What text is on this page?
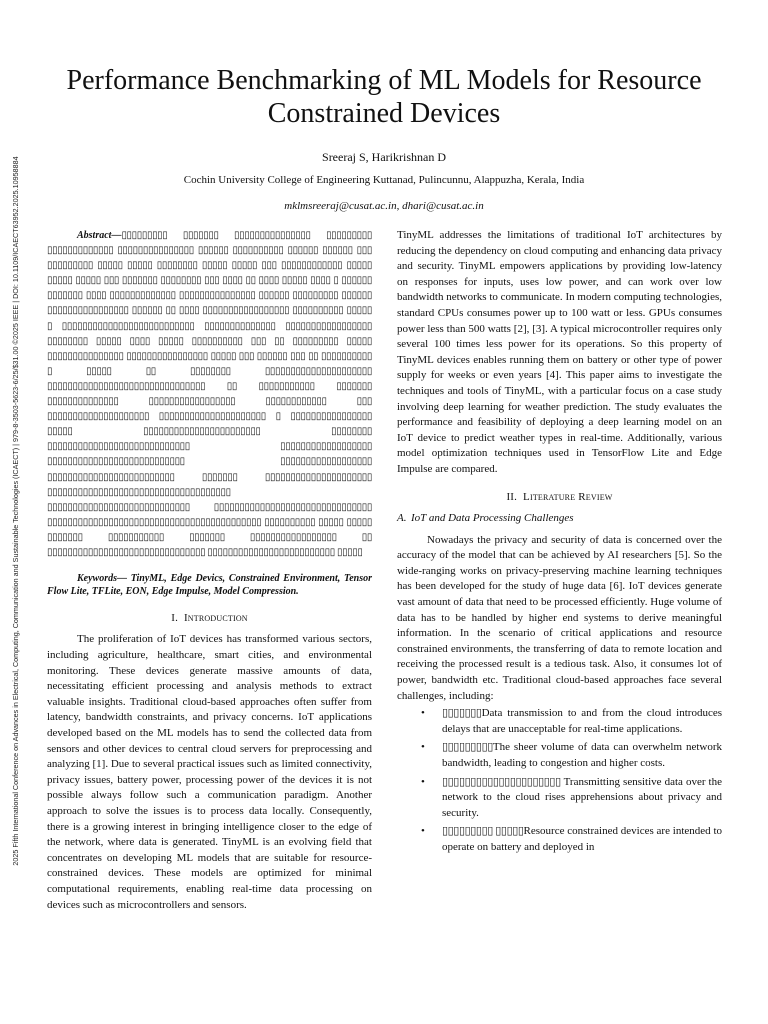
2025 Fifth International Conference on Advances in Electrical, Computing, Communication and Sustainable Technologies (ICAECT) | 979-8-3503-5623-6/25/$31.00 ©2025 IEEE | DOI: 10.1109/ICAECT63952.2025.10958884
Performance Benchmarking of ML Models for Resource Constrained Devices
Sreeraj S, Harikrishnan D
Cochin University College of Engineering Kuttanad, Pulincunnu, Alappuzha, Kerala, India
mklmsreeraj@cusat.ac.in, dhari@cusat.ac.in

Abstract—▯▯▯▯▯▯▯▯▯ ▯▯▯▯▯▯▯ ▯▯▯▯▯▯▯▯▯▯▯▯▯▯▯ ▯▯▯▯▯▯▯▯▯ ▯▯▯▯▯▯▯▯▯▯▯▯▯ ▯▯▯▯▯▯▯▯▯▯▯▯▯▯▯ ▯▯▯▯▯▯ ▯▯▯▯▯▯▯▯▯▯ ▯▯▯▯▯▯ ▯▯▯▯▯▯ ▯▯▯ ▯▯▯▯▯▯▯▯▯ ▯▯▯▯▯ ▯▯▯▯▯ ▯▯▯▯▯▯▯▯ ▯▯▯▯▯ ▯▯▯▯▯ ▯▯▯ ▯▯▯▯▯▯▯▯▯▯▯▯ ▯▯▯▯▯ ▯▯▯▯▯ ▯▯▯▯▯ ▯▯▯ ▯▯▯▯▯▯▯ ▯▯▯▯▯▯▯▯ ▯▯▯ ▯▯▯▯ ▯▯ ▯▯▯▯ ▯▯▯▯▯ ▯▯▯▯ ▯ ▯▯▯▯▯▯ ▯▯▯▯▯▯▯ ▯▯▯▯ ▯▯▯▯▯▯▯▯▯▯▯▯▯ ▯▯▯▯▯▯▯▯▯▯▯▯▯▯▯ ▯▯▯▯▯▯ ▯▯▯▯▯▯▯▯▯ ▯▯▯▯▯▯ ▯▯▯▯▯▯▯▯▯▯▯▯▯▯▯▯ ▯▯▯▯▯▯ ▯▯ ▯▯▯▯ ▯▯▯▯▯▯▯▯▯▯▯▯▯▯▯▯▯ ▯▯▯▯▯▯▯▯▯▯ ▯▯▯▯▯ ▯ ▯▯▯▯▯▯▯▯▯▯▯▯▯▯▯▯▯▯▯▯▯▯▯▯▯▯ ▯▯▯▯▯▯▯▯▯▯▯▯▯▯ ▯▯▯▯▯▯▯▯▯▯▯▯▯▯▯▯▯ ▯▯▯▯▯▯▯▯ ▯▯▯▯▯ ▯▯▯▯ ▯▯▯▯▯ ▯▯▯▯▯▯▯▯▯▯ ▯▯▯ ▯▯ ▯▯▯▯▯▯▯▯▯ ▯▯▯▯▯ ▯▯▯▯▯▯▯▯▯▯▯▯▯▯▯ ▯▯▯▯▯▯▯▯▯▯▯▯▯▯▯▯ ▯▯▯▯▯ ▯▯▯ ▯▯▯▯▯▯ ▯▯▯ ▯▯ ▯▯▯▯▯▯▯▯▯▯ ▯ ▯▯▯▯▯ ▯▯ ▯▯▯▯▯▯▯▯ ▯▯▯▯▯▯▯▯▯▯▯▯▯▯▯▯▯▯▯▯▯ ▯▯▯▯▯▯▯▯▯▯▯▯▯▯▯▯▯▯▯▯▯▯▯▯▯▯▯▯▯▯▯ ▯▯ ▯▯▯▯▯▯▯▯▯▯▯ ▯▯▯▯▯▯▯ ▯▯▯▯▯▯▯▯▯▯▯▯▯▯ ▯▯▯▯▯▯▯▯▯▯▯▯▯▯▯▯▯ ▯▯▯▯▯▯▯▯▯▯▯▯ ▯▯▯ ▯▯▯▯▯▯▯▯▯▯▯▯▯▯▯▯▯▯▯▯ ▯▯▯▯▯▯▯▯▯▯▯▯▯▯▯▯▯▯▯▯▯ ▯ ▯▯▯▯▯▯▯▯▯▯▯▯▯▯▯▯ ▯▯▯▯▯ ▯▯▯▯▯▯▯▯▯▯▯▯▯▯▯▯▯▯▯▯▯▯▯ ▯▯▯▯▯▯▯▯ ▯▯▯▯▯▯▯▯▯▯▯▯▯▯▯▯▯▯▯▯▯▯▯▯▯▯▯▯ ▯▯▯▯▯▯▯▯▯▯▯▯▯▯▯▯▯▯ ▯▯▯▯▯▯▯▯▯▯▯▯▯▯▯▯▯▯▯▯▯▯▯▯▯▯▯ ▯▯▯▯▯▯▯▯▯▯▯▯▯▯▯▯▯▯ ▯▯▯▯▯▯▯▯▯▯▯▯▯▯▯▯▯▯▯▯▯▯▯▯▯ ▯▯▯▯▯▯▯ ▯▯▯▯▯▯▯▯▯▯▯▯▯▯▯▯▯▯▯▯▯ ▯▯▯▯▯▯▯▯▯▯▯▯▯▯▯▯▯▯▯▯▯▯▯▯▯▯▯▯▯▯▯▯▯▯▯▯ ▯▯▯▯▯▯▯▯▯▯▯▯▯▯▯▯▯▯▯▯▯▯▯▯▯▯▯▯ ▯▯▯▯▯▯▯▯▯▯▯▯▯▯▯▯▯▯▯▯▯▯▯▯▯▯▯▯▯▯▯ ▯▯▯▯▯▯▯▯▯▯▯▯▯▯▯▯▯▯▯▯▯▯▯▯▯▯▯▯▯▯▯▯▯▯▯▯▯▯▯▯▯▯ ▯▯▯▯▯▯▯▯▯▯ ▯▯▯▯▯ ▯▯▯▯▯ ▯▯▯▯▯▯▯ ▯▯▯▯▯▯▯▯▯▯▯ ▯▯▯▯▯▯▯ ▯▯▯▯▯▯▯▯▯▯▯▯▯▯▯▯▯ ▯▯ ▯▯▯▯▯▯▯▯▯▯▯▯▯▯▯▯▯▯▯▯▯▯▯▯▯▯▯▯▯▯▯ ▯▯▯▯▯▯▯▯▯▯▯▯▯▯▯▯▯▯▯▯▯▯▯▯▯ ▯▯▯▯▯

Keywords— TinyML, Edge Devics, Constrained Environment, Tensor Flow Lite, TFLite, EON, Edge Impulse, Model Compression.

I. Introduction

The proliferation of IoT devices has transformed various sectors, including agriculture, healthcare, smart cities, and environmental monitoring. These devices generate massive amounts of data, necessitating efficient processing and analysis methods to extract valuable insights. Traditional cloud-based approaches often suffer from latency, bandwidth constraints, and privacy concerns. IoT applications developed based on the ML models has to send the collected data from sensors and other devices to central cloud servers for preprocessing and analyzing [1]. Due to several practical issues such as limited connectivity, privacy issues, battery power, processing power of the devices it is not possible always follow such a communication paradigm. Another approach to solve the issues is to process data locally. Consequently, there is a growing interest in bringing intelligence closer to the edge of the network, where data is generated. TinyML is an evolving field that concentrates on developing ML models that are suitable for resource-constrained devices. These models are optimized for minimal computational requirements, enabling real-time data processing on devices such as microcontrollers and sensors.

TinyML addresses the limitations of traditional IoT architectures by reducing the dependency on cloud computing and enhancing data privacy and security. TinyML empowers applications by providing low-latency on responses for inputs, uses low power, and can work over low bandwidth networks to communicate. In modern computing technologies, standard CPUs consumes power up to 100 watt or less. GPUs consumes power less than 500 watts [2], [3]. A typical microcontroller requires only several 100 times less power for its operations. So this property of TinyML devices enables running them on battery or other type of power supply for weeks or even years [4]. This paper aims to investigate the techniques and tools of TinyML, with a particular focus on a case study involving deep learning for weather prediction. The study evaluates the performance and feasibility of deploying a deep learning model on an IoT device to predict weather types in real-time. Additionally, various model optimization techniques used in TensorFlow Lite and Edge Impulse are compared.

II. Literature Review
A. IoT and Data Processing Challenges

Nowadays the privacy and security of data is concerned over the accuracy of the model that can be achieved by AI researchers [5]. So the wide-ranging works on privacy-preserving machine learning techniques has been developed for the study of huge data [6]. IoT devices generate vast amount of data that need to be processed efficiently. Huge volume of data has to be handled by higher end systems to derive meaningful information. In the scenario of critical applications and resource constrained environments, the transferring of data to remote location and receiving the processed result is a tedious task. Also, it consumes lot of power, bandwidth etc. Traditional cloud-based approaches face several challenges, including:

• ▯▯▯▯▯▯▯Data transmission to and from the cloud introduces delays that are unacceptable for real-time applications.
• ▯▯▯▯▯▯▯▯▯The sheer volume of data can overwhelm network bandwidth, leading to congestion and higher costs.
• ▯▯▯▯▯▯▯▯▯▯▯▯▯▯▯▯▯▯▯▯▯ Transmitting sensitive data over the network to the cloud rises apprehensions about privacy and security.
• ▯▯▯▯▯▯▯▯▯ ▯▯▯▯▯Resource constrained devices are intended to operate on battery and deployed in
